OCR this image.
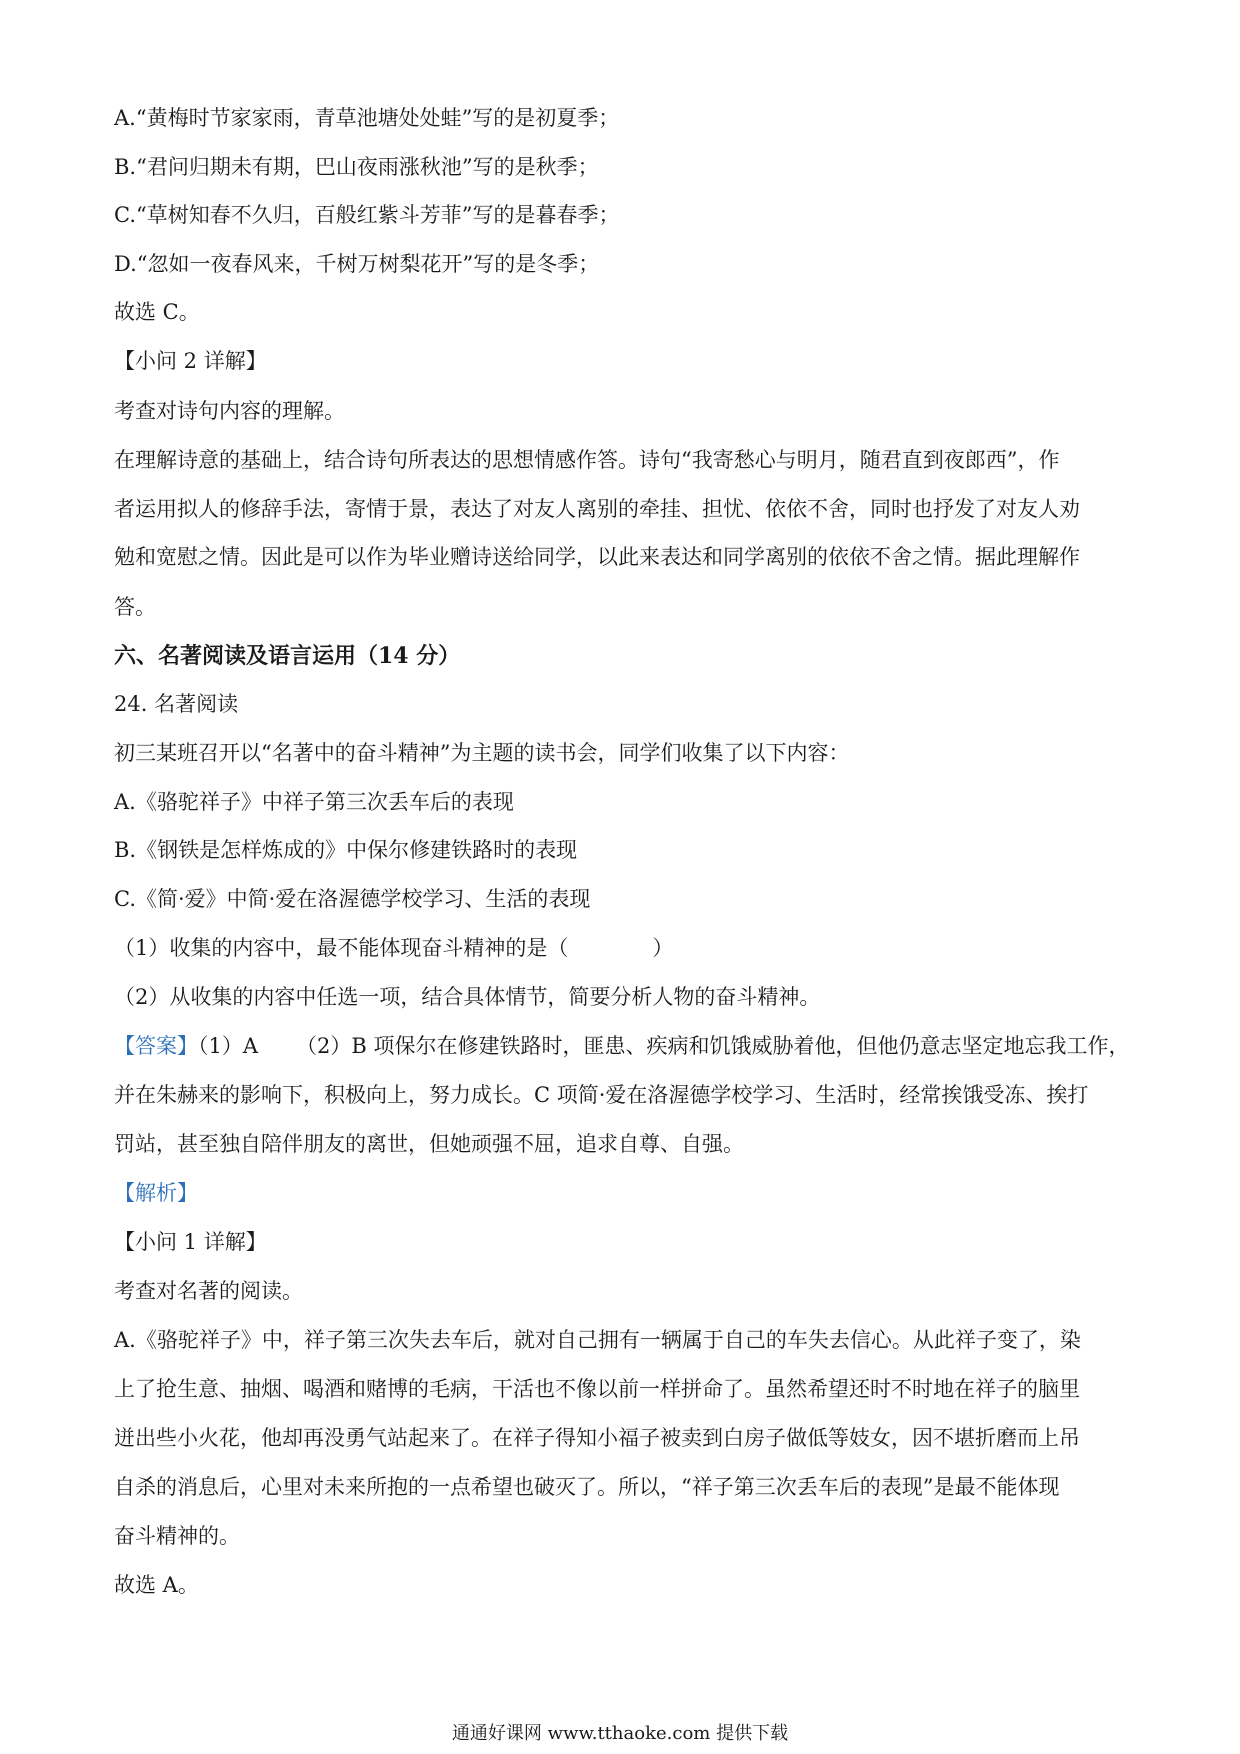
A.“黄梅时节家家雨，青草池塘处处蛙”写的是初夏季；
B.“君问归期未有期，巴山夜雨涨秋池”写的是秋季；
C.“草树知春不久归，百般红紫斗芳菲”写的是暮春季；
D.“忽如一夜春风来，千树万树梨花开”写的是冬季；
故选 C。
【小问 2 详解】
考查对诗句内容的理解。
在理解诗意的基础上，结合诗句所表达的思想情感作答。诗句“我寄愁心与明月，随君直到夜郎西”，作
者运用拟人的修辞手法，寄情于景，表达了对友人离别的牵挂、担忧、依依不舍，同时也抒发了对友人劝
勉和宽慰之情。因此是可以作为毕业赠诗送给同学，以此来表达和同学离别的依依不舍之情。据此理解作
答。
六、名著阅读及语言运用（14 分）
24. 名著阅读
初三某班召开以“名著中的奋斗精神”为主题的读书会，同学们收集了以下内容：
A.《骆驼祥子》中祥子第三次丢车后的表现
B.《钢铁是怎样炼成的》中保尔修建铁路时的表现
C.《简·爱》中简·爱在洛渥德学校学习、生活的表现
（1）收集的内容中，最不能体现奋斗精神的是（　　　　）
（2）从收集的内容中任选一项，结合具体情节，简要分析人物的奋斗精神。
【答案】（1）A （2）B 项保尔在修建铁路时，匪患、疾病和饥饿威胁着他，但他仍意志坚定地忘我工作，
并在朱赫来的影响下，积极向上，努力成长。C 项简·爱在洛渥德学校学习、生活时，经常挨饿受冻、挨打
罚站，甚至独自陪伴朋友的离世，但她顽强不屈，追求自尊、自强。
【解析】
【小问 1 详解】
考查对名著的阅读。
A.《骆驼祥子》中，祥子第三次失去车后，就对自己拥有一辆属于自己的车失去信心。从此祥子变了，染
上了抢生意、抽烟、喝酒和赌博的毛病，干活也不像以前一样拼命了。虽然希望还时不时地在祥子的脑里
迸出些小火花，他却再没勇气站起来了。在祥子得知小福子被卖到白房子做低等妓女，因不堪折磨而上吊
自杀的消息后，心里对未来所抱的一点希望也破灭了。所以，“祥子第三次丢车后的表现”是最不能体现
奋斗精神的。
故选 A。
通通好课网 www.tthaoke.com 提供下载
